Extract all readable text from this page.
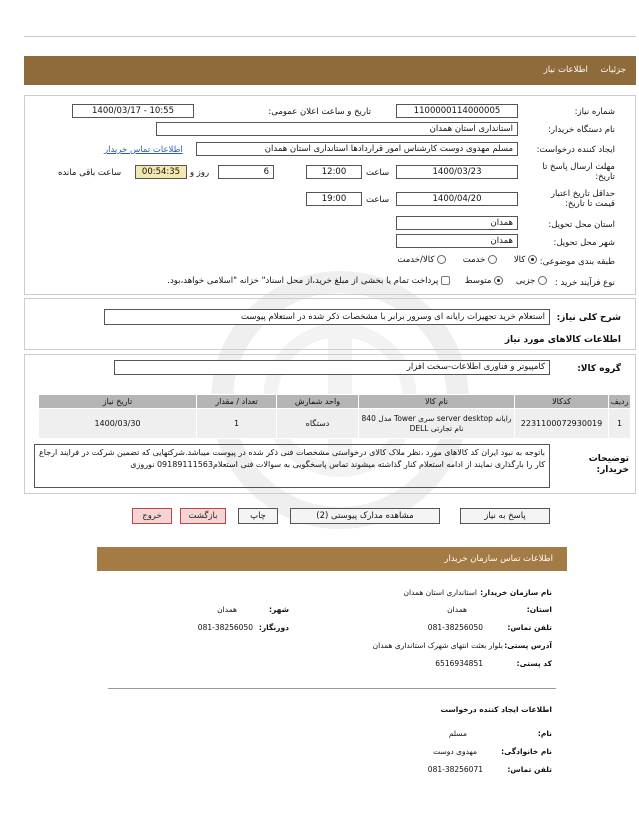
جزئیات اطلاعات نیاز
شماره نیاز:
1100000114000005
تاریخ و ساعت اعلان عمومی:
1400/03/17 - 10:55
نام دستگاه خریدار:
استانداری استان همدان
ایجاد کننده درخواست:
مسلم مهدوی دوست کارشناس امور قراردادها استانداری استان همدان
اطلاعات تماس خریدار
مهلت ارسال پاسخ تا تاریخ:
1400/03/23
ساعت
12:00
6
روز و
00:54:35
ساعت باقی مانده
حداقل تاریخ اعتبار قیمت تا تاریخ:
1400/04/20
ساعت
19:00
استان محل تحویل:
همدان
شهر محل تحویل:
همدان
طبقه بندی موضوعی:
کالا  خدمت  کالا/خدمت
نوع فرآیند خرید :
جزیی  متوسط  پرداخت تمام یا بخشی از مبلغ خرید،از محل اسناد" خزانه "اسلامی خواهد،بود.
شرح کلی نیاز:
استعلام خرید تجهیزات رایانه ای وسرور برابر با مشخصات ذکر شده در استعلام پیوست
اطلاعات کالاهای مورد نیاز
گروه کالا:
کامپیوتر و فناوری اطلاعات-سخت افزار
ردیف	کدکالا	نام کالا	واحد شمارش	تعداد / مقدار	تاریخ نیاز
1	2231100072930019	رایانه server desktop سری Tower مدل 840 نام تجارتی DELL	دستگاه	1	1400/03/30
توضیحات خریدار:
باتوجه به نبود ایران کد کالاهای مورد ،نظر ملاک کالای درخواستی مشخصات فنی ذکر شده در پیوست میباشد.شرکتهایی که تضمین شرکت در فرایند ارجاع کار را بارگذاری نمایند از ادامه استعلام کنار گذاشته میشوند تماس پاسخگویی به سوالات فنی استعلام09189111563 نوروزی
پاسخ به نیاز
مشاهده مدارک پیوستی (2)
چاپ
بازگشت
خروج
اطلاعات تماس سازمان خریدار
نام سازمان خریدار:
استانداری استان همدان
استان:
همدان
شهر:
همدان
تلفن تماس:
081-38256050
دورنگار:
081-38256050
آدرس پستی:
بلوار بعثت انتهای شهرک استانداری همدان
کد پستی:
6516934851
اطلاعات ایجاد کننده درخواست
نام:
مسلم
نام خانوادگی:
مهدوی دوست
تلفن تماس:
081-38256071
